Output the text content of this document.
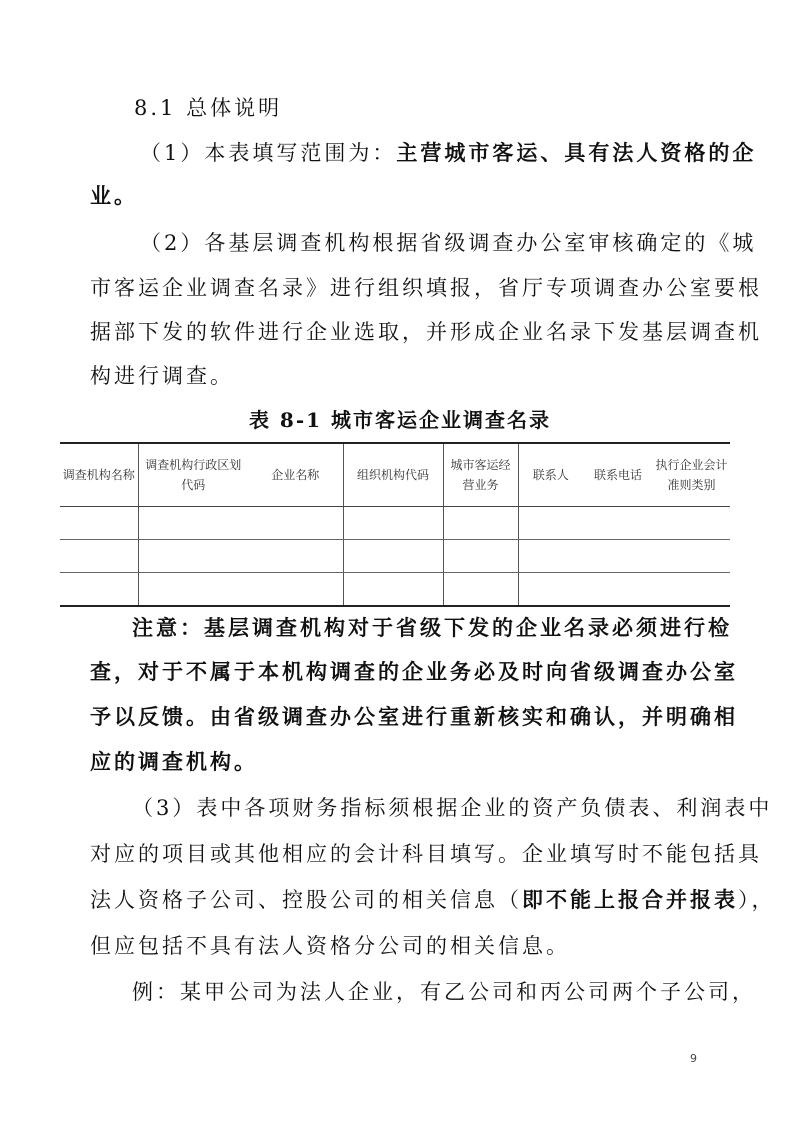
8.1 总体说明
（1）本表填写范围为：主营城市客运、具有法人资格的企
业。
（2）各基层调查机构根据省级调查办公室审核确定的《城
市客运企业调查名录》进行组织填报，省厅专项调查办公室要根
据部下发的软件进行企业选取，并形成企业名录下发基层调查机
构进行调查。
表 8-1 城市客运企业调查名录
调查机构名称	调查机构行政区划代码	企业名称	组织机构代码	城市客运经营业务	联系人	联系电话	执行企业会计准则类别

注意：基层调查机构对于省级下发的企业名录必须进行检
查，对于不属于本机构调查的企业务必及时向省级调查办公室
予以反馈。由省级调查办公室进行重新核实和确认，并明确相
应的调查机构。
（3）表中各项财务指标须根据企业的资产负债表、利润表中
对应的项目或其他相应的会计科目填写。企业填写时不能包括具
法人资格子公司、控股公司的相关信息（即不能上报合并报表），
但应包括不具有法人资格分公司的相关信息。
例：某甲公司为法人企业，有乙公司和丙公司两个子公司，
9
